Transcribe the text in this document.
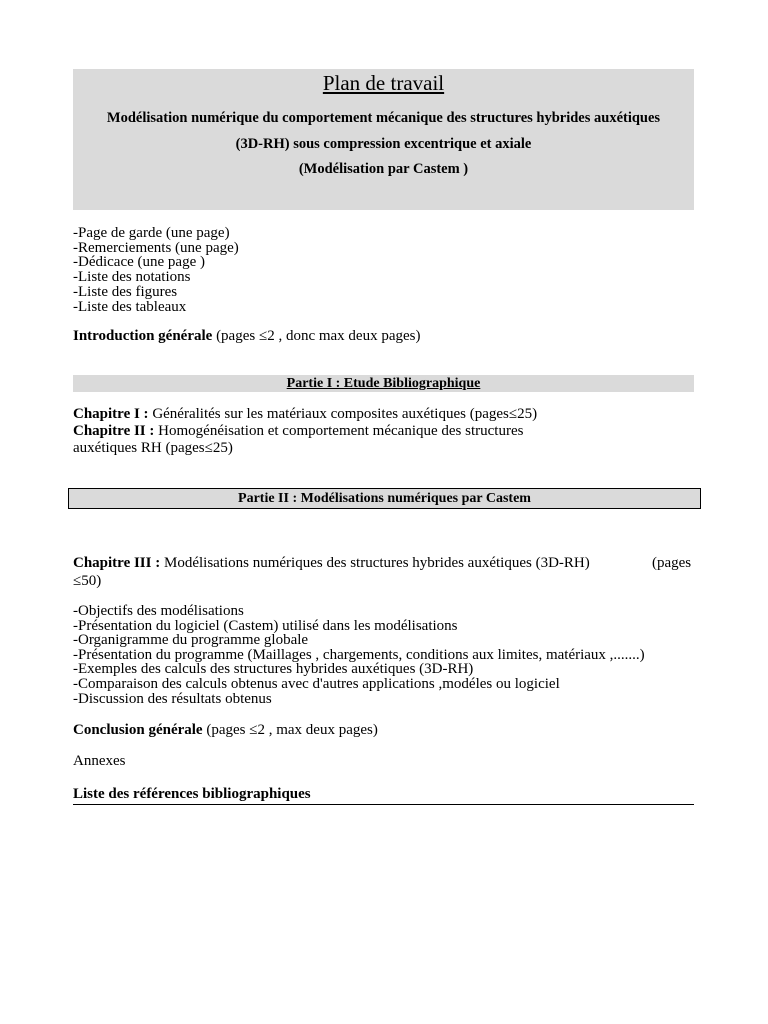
Plan de travail
Modélisation numérique du comportement mécanique des structures hybrides auxétiques
(3D-RH) sous compression excentrique et axiale
(Modélisation par Castem )
-Page de garde (une page)
-Remerciements (une page)
-Dédicace (une page )
-Liste des notations
-Liste des figures
-Liste des tableaux
Introduction générale (pages ≤2 , donc max deux pages)
Partie I : Etude Bibliographique
Chapitre I : Généralités sur les matériaux composites auxétiques (pages≤25)
Chapitre II : Homogénéisation et comportement mécanique des structures
auxétiques RH (pages≤25)
Partie II : Modélisations numériques par Castem
Chapitre III : Modélisations numériques des structures hybrides auxétiques (3D-RH)	(pages
≤50)
-Objectifs des modélisations
-Présentation du logiciel (Castem) utilisé dans les modélisations
-Organigramme du programme globale
-Présentation du programme (Maillages , chargements, conditions aux limites, matériaux ,.......)
-Exemples des calculs des structures hybrides auxétiques (3D-RH)
-Comparaison des calculs obtenus avec d'autres applications ,modéles ou logiciel
-Discussion des résultats obtenus
Conclusion générale (pages ≤2 , max deux pages)
Annexes
Liste des références bibliographiques
